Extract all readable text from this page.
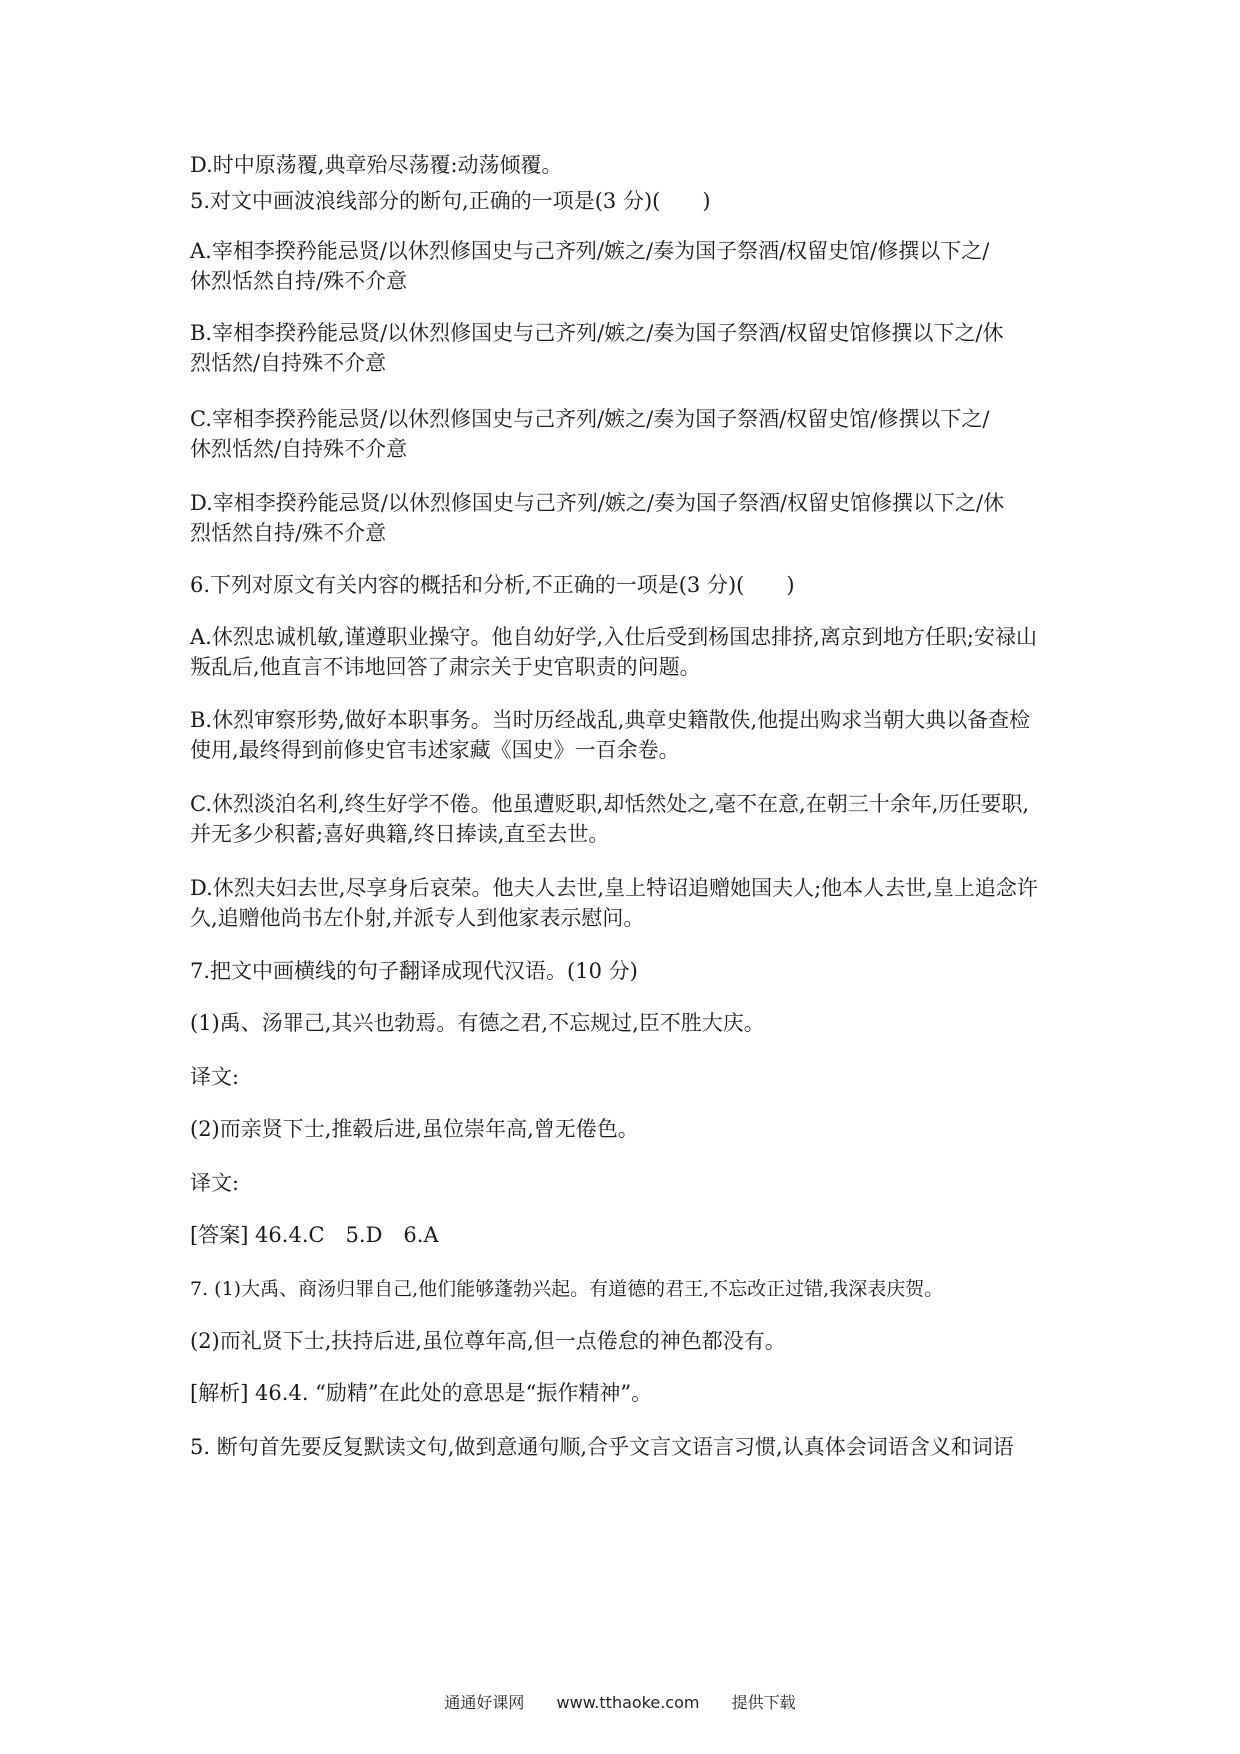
D.时中原荡覆,典章殆尽荡覆:动荡倾覆。
5.对文中画波浪线部分的断句,正确的一项是(3 分)(　　)
A.宰相李揆矜能忌贤/以休烈修国史与己齐列/嫉之/奏为国子祭酒/权留史馆/修撰以下之/
休烈恬然自持/殊不介意
B.宰相李揆矜能忌贤/以休烈修国史与己齐列/嫉之/奏为国子祭酒/权留史馆修撰以下之/休
烈恬然/自持殊不介意
C.宰相李揆矜能忌贤/以休烈修国史与己齐列/嫉之/奏为国子祭酒/权留史馆/修撰以下之/
休烈恬然/自持殊不介意
D.宰相李揆矜能忌贤/以休烈修国史与己齐列/嫉之/奏为国子祭酒/权留史馆修撰以下之/休
烈恬然自持/殊不介意
6.下列对原文有关内容的概括和分析,不正确的一项是(3 分)(　　)
A.休烈忠诚机敏,谨遵职业操守。他自幼好学,入仕后受到杨国忠排挤,离京到地方任职;安禄山
叛乱后,他直言不讳地回答了肃宗关于史官职责的问题。
B.休烈审察形势,做好本职事务。当时历经战乱,典章史籍散佚,他提出购求当朝大典以备查检
使用,最终得到前修史官韦述家藏《国史》一百余卷。
C.休烈淡泊名利,终生好学不倦。他虽遭贬职,却恬然处之,毫不在意,在朝三十余年,历任要职,
并无多少积蓄;喜好典籍,终日捧读,直至去世。
D.休烈夫妇去世,尽享身后哀荣。他夫人去世,皇上特诏追赠她国夫人;他本人去世,皇上追念许
久,追赠他尚书左仆射,并派专人到他家表示慰问。
7.把文中画横线的句子翻译成现代汉语。(10 分)
(1)禹、汤罪己,其兴也勃焉。有德之君,不忘规过,臣不胜大庆。
译文:
(2)而亲贤下士,推毂后进,虽位崇年高,曾无倦色。
译文:
[答案] 46.4.C　5.D　6.A
7. (1)大禹、商汤归罪自己,他们能够蓬勃兴起。有道德的君王,不忘改正过错,我深表庆贺。
(2)而礼贤下士,扶持后进,虽位尊年高,但一点倦怠的神色都没有。
[解析] 46.4. “励精”在此处的意思是“振作精神”。
5. 断句首先要反复默读文句,做到意通句顺,合乎文言文语言习惯,认真体会词语含义和词语
通通好课网 www.tthaoke.com 提供下载
